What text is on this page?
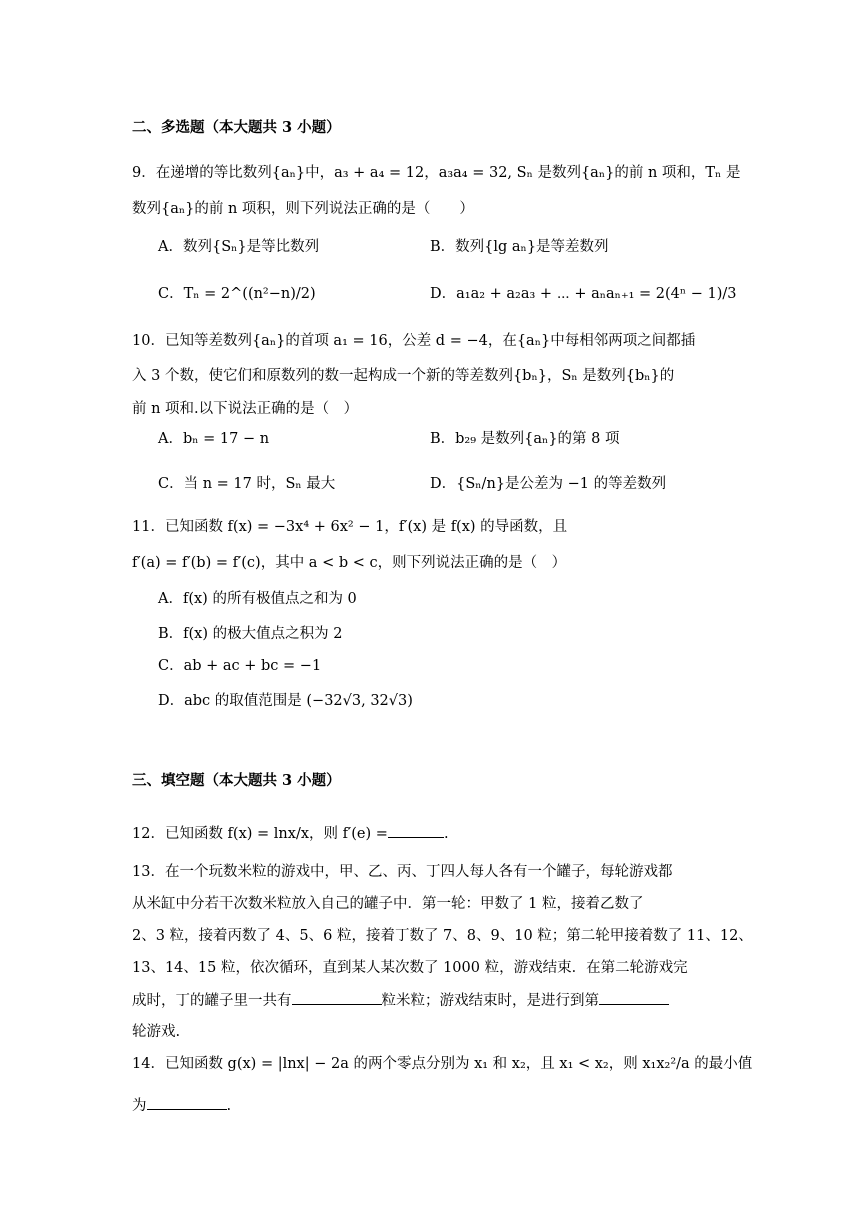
二、多选题（本大题共 3 小题）
9．在递增的等比数列{aₙ}中，a₃ + a₄ = 12，a₃a₄ = 32, Sₙ 是数列{aₙ}的前 n 项和，Tₙ 是
数列{aₙ}的前 n 项积，则下列说法正确的是（　　）
A．数列{Sₙ}是等比数列	B．数列{lg aₙ}是等差数列
C．Tₙ = 2^((n²−n)/2)	D．a₁a₂ + a₂a₃ + ⋯ + aₙaₙ₊₁ = 2(4ⁿ − 1)/3
10．已知等差数列{aₙ}的首项 a₁ = 16，公差 d = −4，在{aₙ}中每相邻两项之间都插
入 3 个数，使它们和原数列的数一起构成一个新的等差数列{bₙ}，Sₙ 是数列{bₙ}的
前 n 项和.以下说法正确的是（　）
A．bₙ = 17 − n	B．b₂₉ 是数列{aₙ}的第 8 项
C．当 n = 17 时，Sₙ 最大	D．{Sₙ/n}是公差为 −1 的等差数列
11．已知函数 f(x) = −3x⁴ + 6x² − 1，f′(x) 是 f(x) 的导函数，且
f′(a) = f′(b) = f′(c)，其中 a < b < c，则下列说法正确的是（　）
A．f(x) 的所有极值点之和为 0
B．f(x) 的极大值点之积为 2
C．ab + ac + bc = −1
D．abc 的取值范围是 (−32√3, 32√3)
三、填空题（本大题共 3 小题）
12．已知函数 f(x) = lnx/x，则 f′(e) =	.
13．在一个玩数米粒的游戏中，甲、乙、丙、丁四人每人各有一个罐子，每轮游戏都
从米缸中分若干次数米粒放入自己的罐子中．第一轮：甲数了 1 粒，接着乙数了
2、3 粒，接着丙数了 4、5、6 粒，接着丁数了 7、8、9、10 粒；第二轮甲接着数了 11、12、
13、14、15 粒，依次循环，直到某人某次数了 1000 粒，游戏结束．在第二轮游戏完
成时，丁的罐子里一共有	粒米粒；游戏结束时，是进行到第
轮游戏.
14．已知函数 g(x) = |lnx| − 2a 的两个零点分别为 x₁ 和 x₂，且 x₁ < x₂，则 x₁x₂²/a 的最小值
为	.
